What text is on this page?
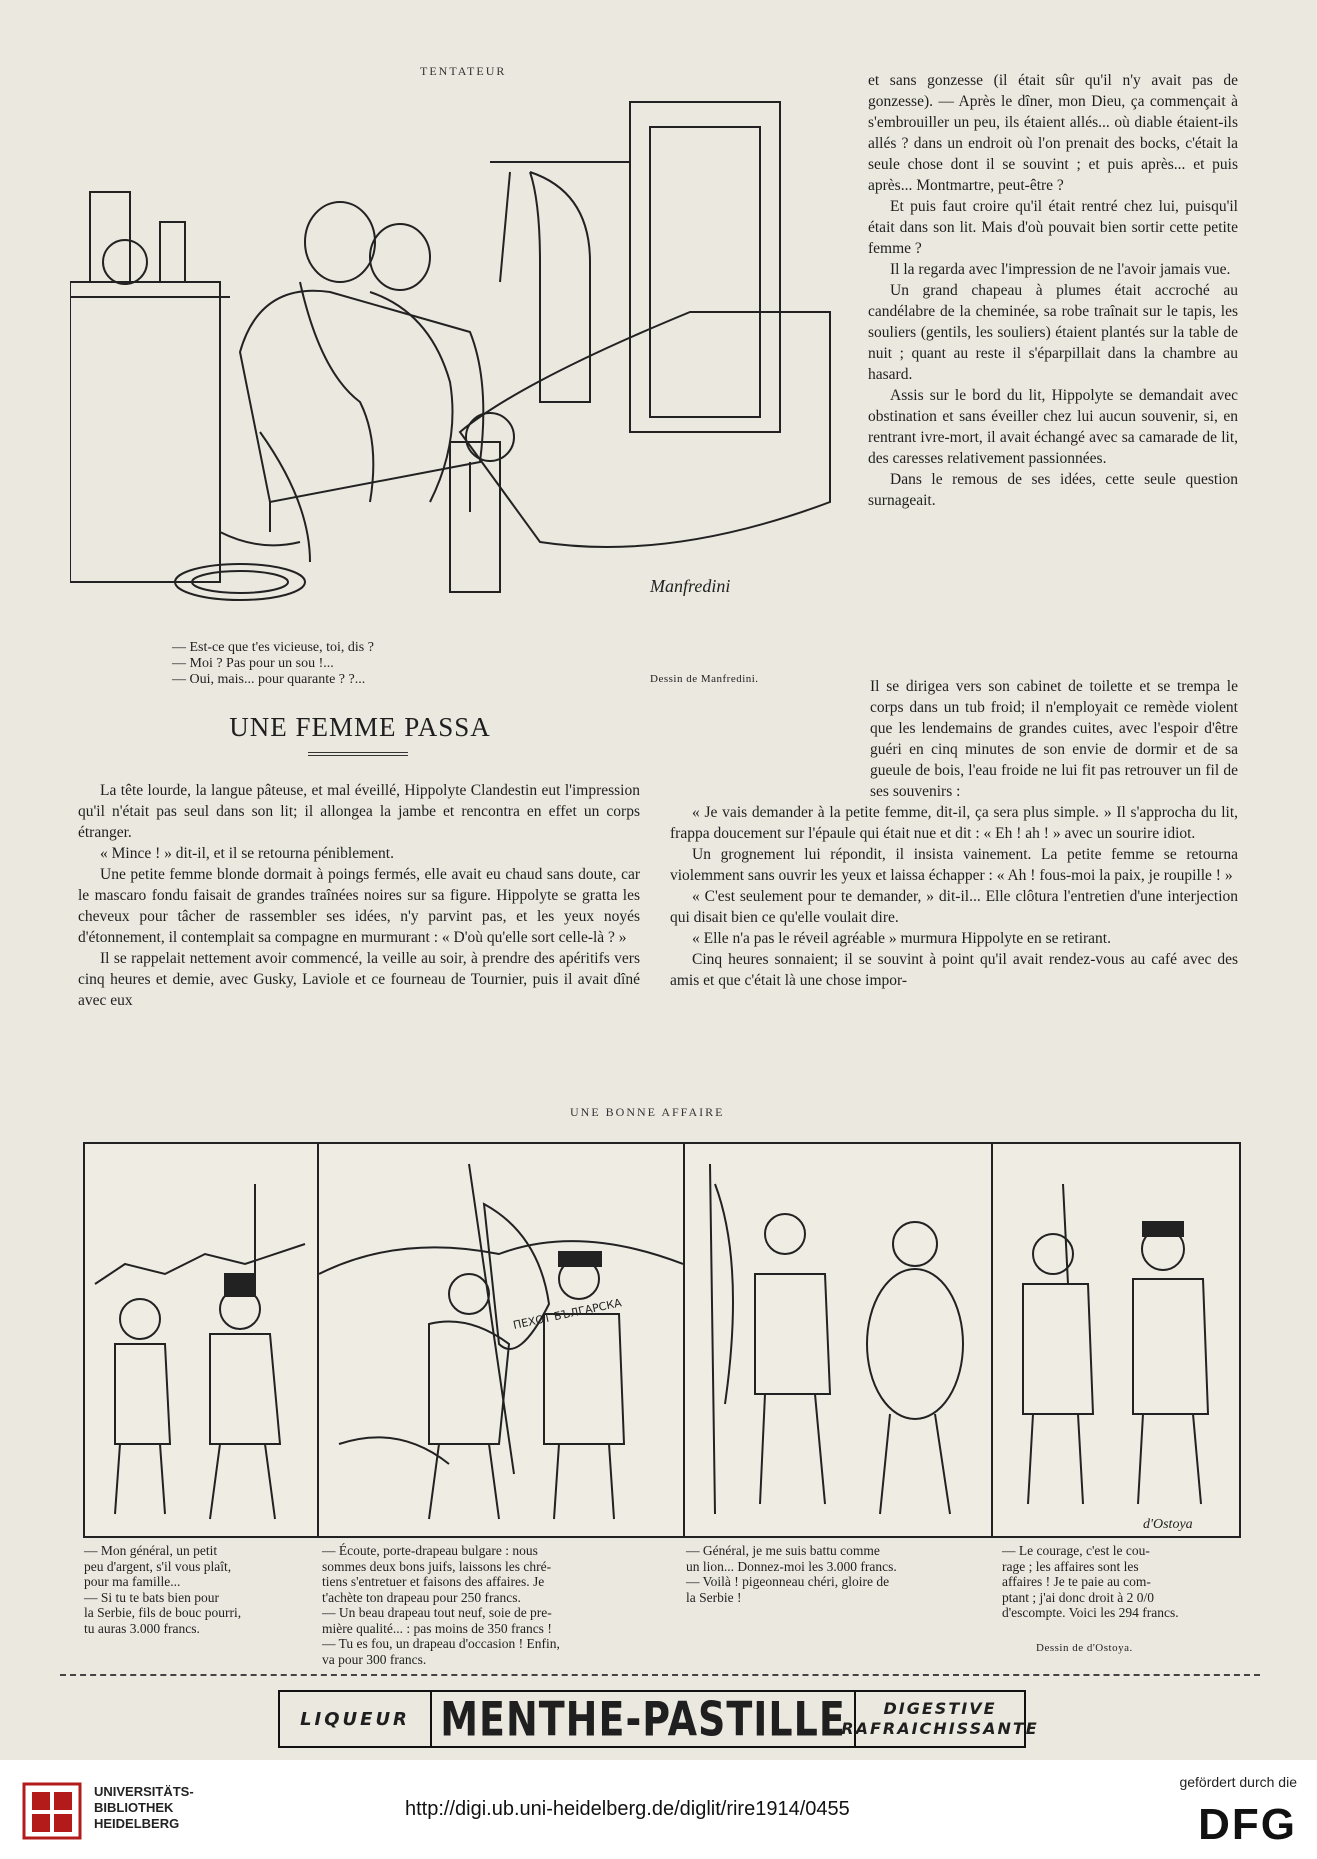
TENTATEUR
Manfredini
— Est-ce que t'es vicieuse, toi, dis ?
— Moi ? Pas pour un sou !...
— Oui, mais... pour quarante ? ?...	Dessin de Manfredini.
UNE FEMME PASSA

La tête lourde, la langue pâteuse, et mal éveillé, Hippolyte Clandestin eut l'impression qu'il n'était pas seul dans son lit; il allongea la jambe et rencontra en effet un corps étranger.

« Mince ! » dit-il, et il se retourna péniblement.

Une petite femme blonde dormait à poings fermés, elle avait eu chaud sans doute, car le mascaro fondu faisait de grandes traînées noires sur sa figure. Hippolyte se gratta les cheveux pour tâcher de rassembler ses idées, n'y parvint pas, et les yeux noyés d'étonnement, il contemplait sa compagne en murmurant : « D'où qu'elle sort celle-là ? »

Il se rappelait nettement avoir commencé, la veille au soir, à prendre des apéritifs vers cinq heures et demie, avec Gusky, Laviole et ce fourneau de Tournier, puis il avait dîné avec eux

et sans gonzesse (il était sûr qu'il n'y avait pas de gonzesse). — Après le dîner, mon Dieu, ça commençait à s'embrouiller un peu, ils étaient allés... où diable étaient-ils allés ? dans un endroit où l'on prenait des bocks, c'était la seule chose dont il se souvint ; et puis après... et puis après... Montmartre, peut-être ?

Et puis faut croire qu'il était rentré chez lui, puisqu'il était dans son lit. Mais d'où pouvait bien sortir cette petite femme ?

Il la regarda avec l'impression de ne l'avoir jamais vue.

Un grand chapeau à plumes était accroché au candélabre de la cheminée, sa robe traînait sur le tapis, les souliers (gentils, les souliers) étaient plantés sur la table de nuit ; quant au reste il s'éparpillait dans la chambre au hasard.

Assis sur le bord du lit, Hippolyte se demandait avec obstination et sans éveiller chez lui aucun souvenir, si, en rentrant ivre-mort, il avait échangé avec sa camarade de lit, des caresses relativement passionnées.

Dans le remous de ses idées, cette seule question surnageait.

Il se dirigea vers son cabinet de toilette et se trempa le corps dans un tub froid; il n'employait ce remède violent que les lendemains de grandes cuites, avec l'espoir d'être guéri en cinq minutes de son envie de dormir et de sa gueule de bois, l'eau froide ne lui fit pas retrouver un fil de ses souvenirs :

« Je vais demander à la petite femme, dit-il, ça sera plus simple. » Il s'approcha du lit, frappa doucement sur l'épaule qui était nue et dit : « Eh ! ah ! » avec un sourire idiot.

Un grognement lui répondit, il insista vainement. La petite femme se retourna violemment sans ouvrir les yeux et laissa échapper : « Ah ! fous-moi la paix, je roupille ! »

« C'est seulement pour te demander, » dit-il... Elle clôtura l'entretien d'une interjection qui disait bien ce qu'elle voulait dire.

« Elle n'a pas le réveil agréable » murmura Hippolyte en se retirant.

Cinq heures sonnaient; il se souvint à point qu'il avait rendez-vous au café avec des amis et que c'était là une chose impor-

UNE BONNE AFFAIRE
ПЕХОТ БЪЛГАРСКА
d'Ostoya
— Mon général, un petit
peu d'argent, s'il vous plaît,
pour ma famille...
— Si tu te bats bien pour
la Serbie, fils de bouc pourri,
tu auras 3.000 francs.
— Écoute, porte-drapeau bulgare : nous
sommes deux bons juifs, laissons les chré-
tiens s'entretuer et faisons des affaires. Je
t'achète ton drapeau pour 250 francs.
— Un beau drapeau tout neuf, soie de pre-
mière qualité... : pas moins de 350 francs !
— Tu es fou, un drapeau d'occasion ! Enfin,
va pour 300 francs.
— Général, je me suis battu comme
un lion... Donnez-moi les 3.000 francs.
— Voilà ! pigeonneau chéri, gloire de
la Serbie !
— Le courage, c'est le cou-
rage ; les affaires sont les
affaires ! Je te paie au com-
ptant ; j'ai donc droit à 2 0/0
d'escompte. Voici les 294 francs.
Dessin de d'Ostoya.
LIQUEUR MENTHE-PASTILLE	DIGESTIVE
RAFRAICHISSANTE
UNIVERSITÄTS-
BIBLIOTHEK
HEIDELBERG
http://digi.ub.uni-heidelberg.de/diglit/rire1914/0455
gefördert durch die
DFG
